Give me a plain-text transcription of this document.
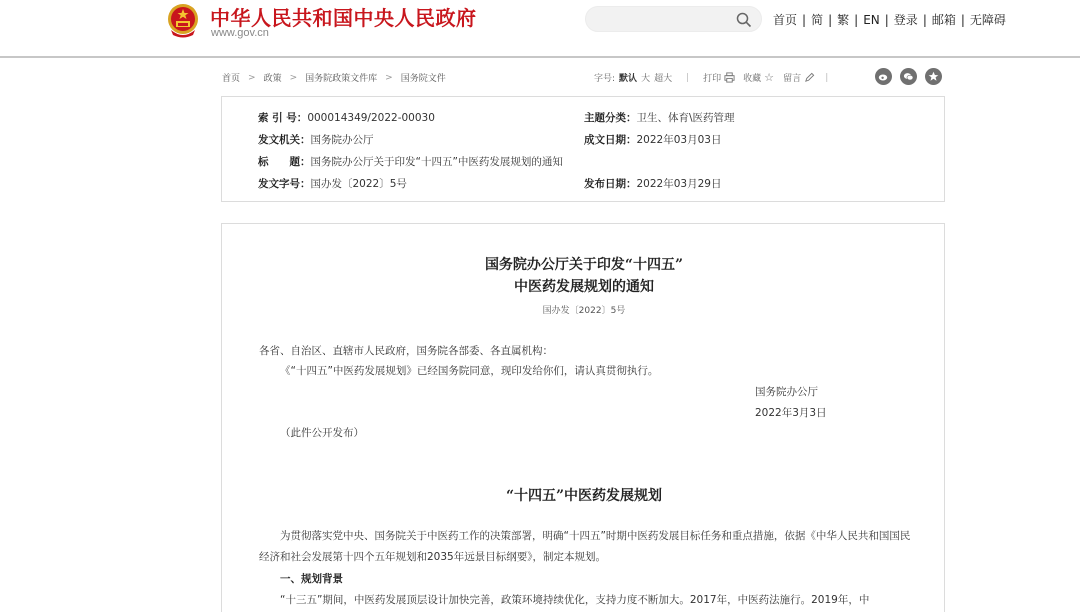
中华人民共和国中央人民政府
www.gov.cn
首页 | 简 | 繁 | EN | 登录 | 邮箱 | 无障碍
首页 > 政策 > 国务院政策文件库 > 国务院文件	字号: 默认 大 超大 | 打印 收藏 ☆ 留言	|
索 引 号：000014349/2022-00030	主题分类：卫生、体育\医药管理
发文机关：国务院办公厅	成文日期：2022年03月03日
标　　题：国务院办公厅关于印发“十四五”中医药发展规划的通知
发文字号：国办发〔2022〕5号	发布日期：2022年03月29日
国务院办公厅关于印发“十四五”
中医药发展规划的通知
国办发〔2022〕5号
各省、自治区、直辖市人民政府，国务院各部委、各直属机构：
《“十四五”中医药发展规划》已经国务院同意，现印发给你们，请认真贯彻执行。
国务院办公厅
2022年3月3日
（此件公开发布）
“十四五”中医药发展规划
为贯彻落实党中央、国务院关于中医药工作的决策部署，明确“十四五”时期中医药发展目标任务和重点措施，依据《中华人民共和国国民经济和社会发展第十四个五年规划和2035年远景目标纲要》，制定本规划。
一、规划背景
“十三五”期间，中医药发展顶层设计加快完善，政策环境持续优化，支持力度不断加大。2017年，中医药法施行。2019年，中
